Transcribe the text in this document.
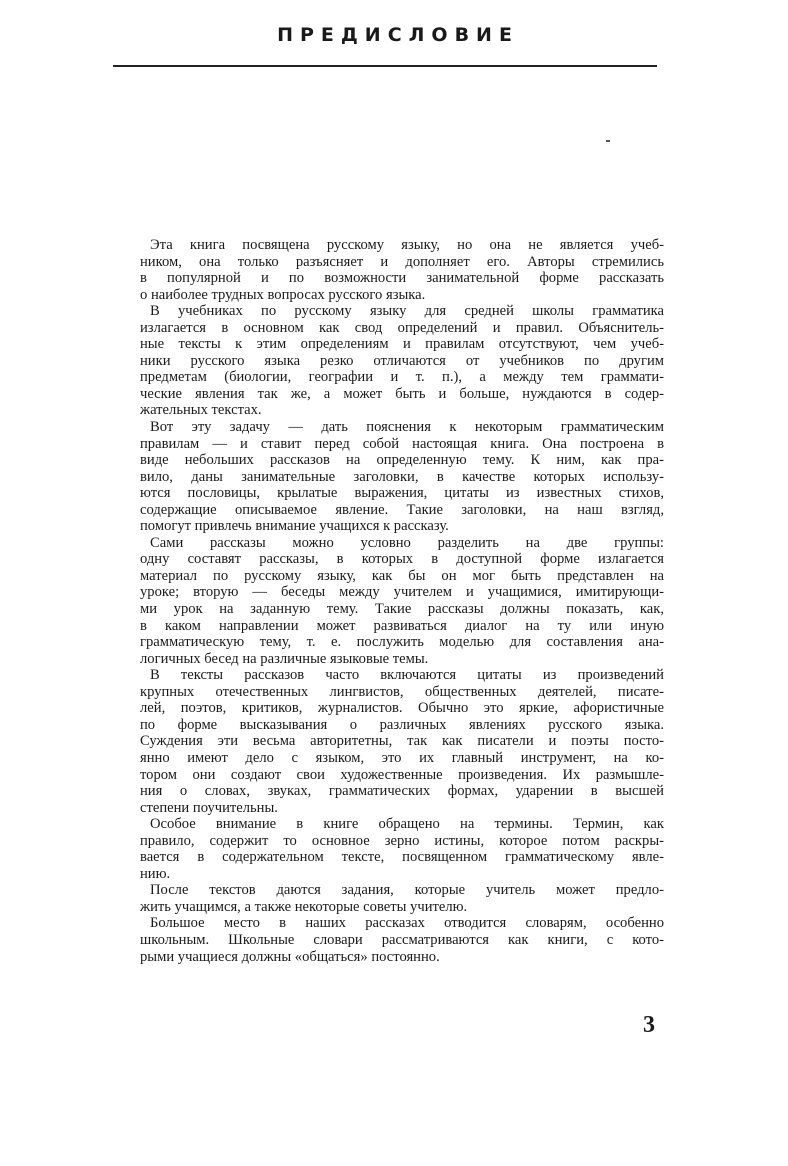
ПРЕДИСЛОВИЕ
Эта книга посвящена русскому языку, но она не является учеб-
ником, она только разъясняет и дополняет его. Авторы стремились
в популярной и по возможности занимательной форме рассказать
о наиболее трудных вопросах русского языка.
В учебниках по русскому языку для средней школы грамматика
излагается в основном как свод определений и правил. Объяснитель-
ные тексты к этим определениям и правилам отсутствуют, чем учеб-
ники русского языка резко отличаются от учебников по другим
предметам (биологии, географии и т. п.), а между тем граммати-
ческие явления так же, а может быть и больше, нуждаются в содер-
жательных текстах.
Вот эту задачу — дать пояснения к некоторым грамматическим
правилам — и ставит перед собой настоящая книга. Она построена в
виде небольших рассказов на определенную тему. К ним, как пра-
вило, даны занимательные заголовки, в качестве которых использу-
ются пословицы, крылатые выражения, цитаты из известных стихов,
содержащие описываемое явление. Такие заголовки, на наш взгляд,
помогут привлечь внимание учащихся к рассказу.
Сами рассказы можно условно разделить на две группы:
одну составят рассказы, в которых в доступной форме излагается
материал по русскому языку, как бы он мог быть представлен на
уроке; вторую — беседы между учителем и учащимися, имитирующи-
ми урок на заданную тему. Такие рассказы должны показать, как,
в каком направлении может развиваться диалог на ту или иную
грамматическую тему, т. е. послужить моделью для составления ана-
логичных бесед на различные языковые темы.
В тексты рассказов часто включаются цитаты из произведений
крупных отечественных лингвистов, общественных деятелей, писате-
лей, поэтов, критиков, журналистов. Обычно это яркие, афористичные
по форме высказывания о различных явлениях русского языка.
Суждения эти весьма авторитетны, так как писатели и поэты посто-
янно имеют дело с языком, это их главный инструмент, на ко-
тором они создают свои художественные произведения. Их размышле-
ния о словах, звуках, грамматических формах, ударении в высшей
степени поучительны.
Особое внимание в книге обращено на термины. Термин, как
правило, содержит то основное зерно истины, которое потом раскры-
вается в содержательном тексте, посвященном грамматическому явле-
нию.
После текстов даются задания, которые учитель может предло-
жить учащимся, а также некоторые советы учителю.
Большое место в наших рассказах отводится словарям, особенно
школьным. Школьные словари рассматриваются как книги, с кото-
рыми учащиеся должны «общаться» постоянно.
3
